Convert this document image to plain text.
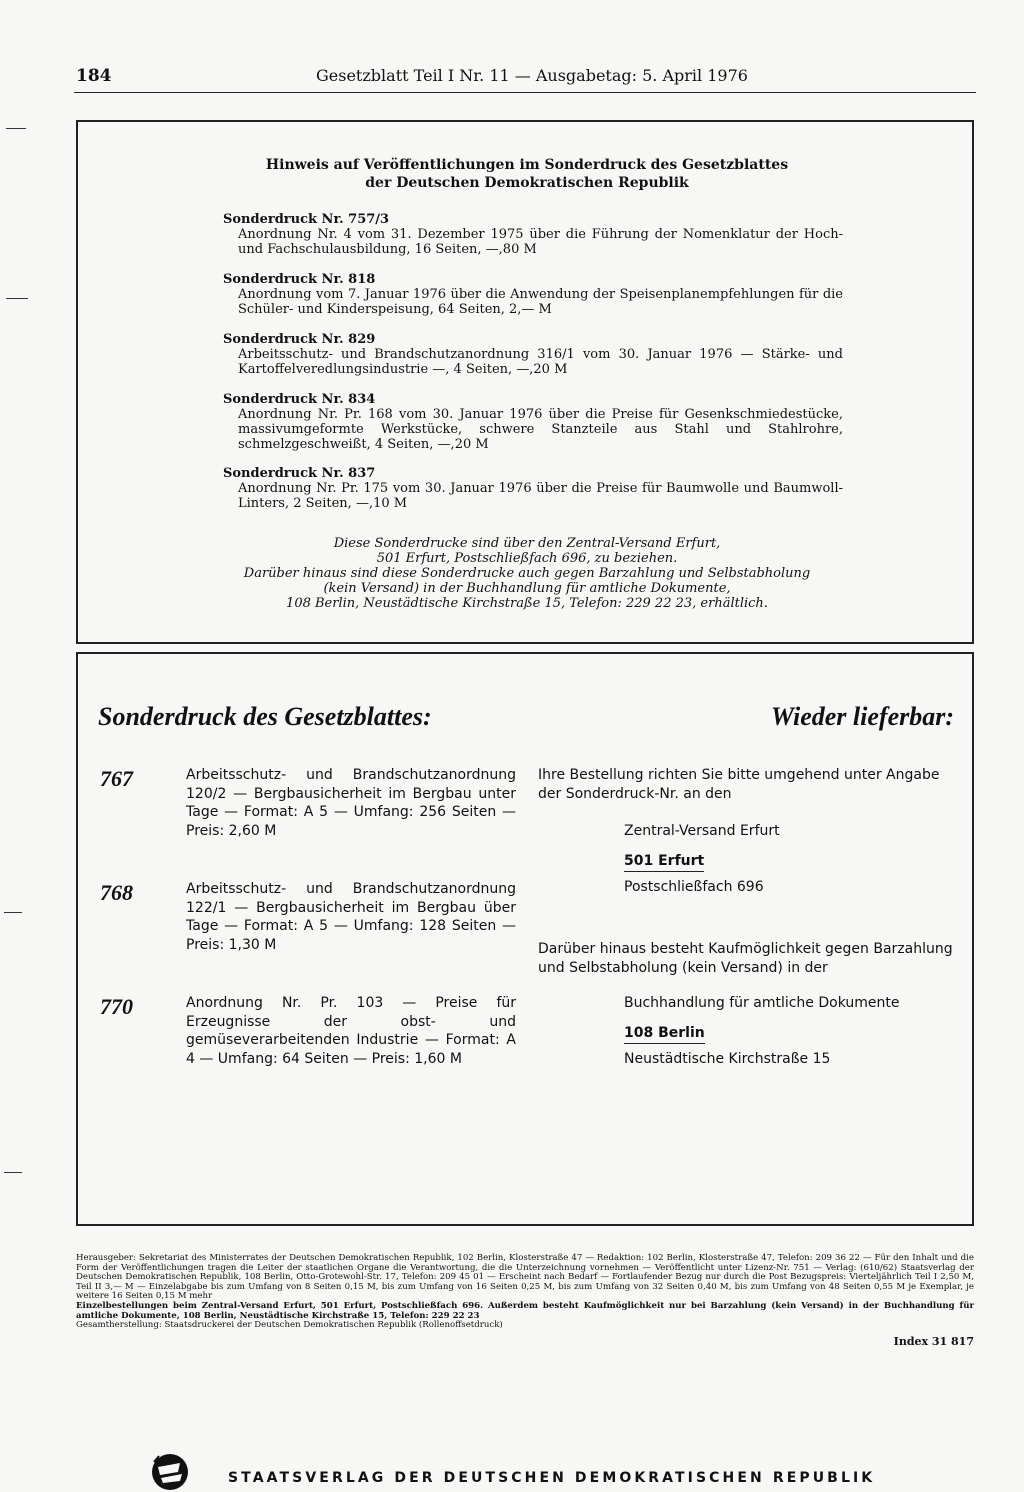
184	Gesetzblatt Teil I Nr. 11 — Ausgabetag: 5. April 1976
Hinweis auf Veröffentlichungen im Sonderdruck des Gesetzblattes
der Deutschen Demokratischen Republik
Sonderdruck Nr. 757/3
Anordnung Nr. 4 vom 31. Dezember 1975 über die Führung der Nomenklatur der Hoch- und Fachschulausbildung, 16 Seiten, —,80 M
Sonderdruck Nr. 818
Anordnung vom 7. Januar 1976 über die Anwendung der Speisenplanempfehlungen für die Schüler- und Kinderspeisung, 64 Seiten, 2,— M
Sonderdruck Nr. 829
Arbeitsschutz- und Brandschutzanordnung 316/1 vom 30. Januar 1976 — Stärke- und Kartoffelveredlungsindustrie —, 4 Seiten, —,20 M
Sonderdruck Nr. 834
Anordnung Nr. Pr. 168 vom 30. Januar 1976 über die Preise für Gesenkschmiedestücke, massivumgeformte Werkstücke, schwere Stanzteile aus Stahl und Stahlrohre, schmelzgeschweißt, 4 Seiten, —,20 M
Sonderdruck Nr. 837
Anordnung Nr. Pr. 175 vom 30. Januar 1976 über die Preise für Baumwolle und Baumwoll-Linters, 2 Seiten, —,10 M
Diese Sonderdrucke sind über den Zentral-Versand Erfurt,
501 Erfurt, Postschließfach 696, zu beziehen.
Darüber hinaus sind diese Sonderdrucke auch gegen Barzahlung und Selbstabholung
(kein Versand) in der Buchhandlung für amtliche Dokumente,
108 Berlin, Neustädtische Kirchstraße 15, Telefon: 229 22 23, erhältlich.
Sonderdruck des Gesetzblattes:	Wieder lieferbar:
767	Arbeitsschutz- und Brandschutzanordnung 120/2 — Bergbausicherheit im Bergbau unter Tage — Format: A 5 — Umfang: 256 Seiten — Preis: 2,60 M
768	Arbeitsschutz- und Brandschutzanordnung 122/1 — Bergbausicherheit im Bergbau über Tage — Format: A 5 — Umfang: 128 Seiten — Preis: 1,30 M
770	Anordnung Nr. Pr. 103 — Preise für Erzeugnisse der obst- und gemüseverarbeitenden Industrie — Format: A 4 — Umfang: 64 Seiten — Preis: 1,60 M
Ihre Bestellung richten Sie bitte umgehend unter Angabe der Sonderdruck-Nr. an den
Zentral-Versand Erfurt
501 Erfurt
Postschließfach 696
Darüber hinaus besteht Kaufmöglichkeit gegen Barzahlung und Selbstabholung (kein Versand) in der
Buchhandlung für amtliche Dokumente
108 Berlin
Neustädtische Kirchstraße 15
STAATSVERLAG DER DEUTSCHEN DEMOKRATISCHEN REPUBLIK
Herausgeber: Sekretariat des Ministerrates der Deutschen Demokratischen Republik, 102 Berlin, Klosterstraße 47 — Redaktion: 102 Berlin, Klosterstraße 47, Telefon: 209 36 22 — Für den Inhalt und die Form der Veröffentlichungen tragen die Leiter der staatlichen Organe die Verantwortung, die die Unterzeichnung vornehmen — Veröffentlicht unter Lizenz-Nr. 751 — Verlag: (610/62) Staatsverlag der Deutschen Demokratischen Republik, 108 Berlin, Otto-Grotewohl-Str. 17, Telefon: 209 45 01 — Erscheint nach Bedarf — Fortlaufender Bezug nur durch die Post Bezugspreis: Vierteljährlich Teil I 2,50 M, Teil II 3,— M — Einzelabgabe bis zum Umfang von 8 Seiten 0,15 M, bis zum Umfang von 16 Seiten 0,25 M, bis zum Umfang von 32 Seiten 0,40 M, bis zum Umfang von 48 Seiten 0,55 M je Exemplar, je weitere 16 Seiten 0,15 M mehr
Einzelbestellungen beim Zentral-Versand Erfurt, 501 Erfurt, Postschließfach 696. Außerdem besteht Kaufmöglichkeit nur bei Barzahlung (kein Versand) in der Buchhandlung für amtliche Dokumente, 108 Berlin, Neustädtische Kirchstraße 15, Telefon: 229 22 23
Gesamtherstellung: Staatsdruckerei der Deutschen Demokratischen Republik (Rollenoffsetdruck)
Index 31 817
